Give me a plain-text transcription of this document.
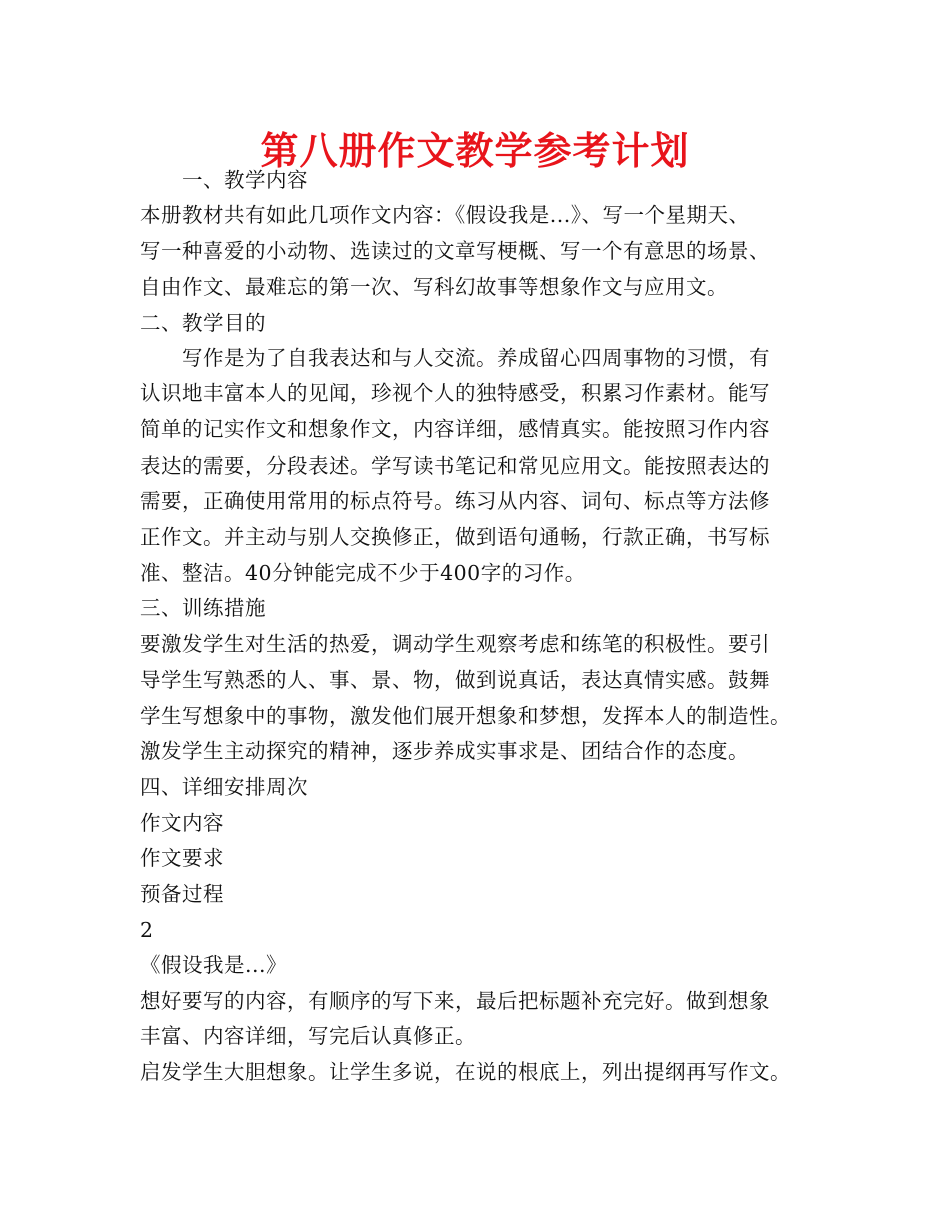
第八册作文教学参考计划
　　一、教学内容
本册教材共有如此几项作文内容：《假设我是...》、写一个星期天、
写一种喜爱的小动物、选读过的文章写梗概、写一个有意思的场景、
自由作文、最难忘的第一次、写科幻故事等想象作文与应用文。
二、教学目的
　　写作是为了自我表达和与人交流。养成留心四周事物的习惯，有
认识地丰富本人的见闻，珍视个人的独特感受，积累习作素材。能写
简单的记实作文和想象作文，内容详细，感情真实。能按照习作内容
表达的需要，分段表述。学写读书笔记和常见应用文。能按照表达的
需要，正确使用常用的标点符号。练习从内容、词句、标点等方法修
正作文。并主动与别人交换修正，做到语句通畅，行款正确，书写标
准、整洁。40分钟能完成不少于400字的习作。
三、训练措施
要激发学生对生活的热爱，调动学生观察考虑和练笔的积极性。要引
导学生写熟悉的人、事、景、物，做到说真话，表达真情实感。鼓舞
学生写想象中的事物，激发他们展开想象和梦想，发挥本人的制造性。
激发学生主动探究的精神，逐步养成实事求是、团结合作的态度。
四、详细安排周次
作文内容
作文要求
预备过程
2
《假设我是...》
想好要写的内容，有顺序的写下来，最后把标题补充完好。做到想象
丰富、内容详细，写完后认真修正。
启发学生大胆想象。让学生多说，在说的根底上，列出提纲再写作文。
